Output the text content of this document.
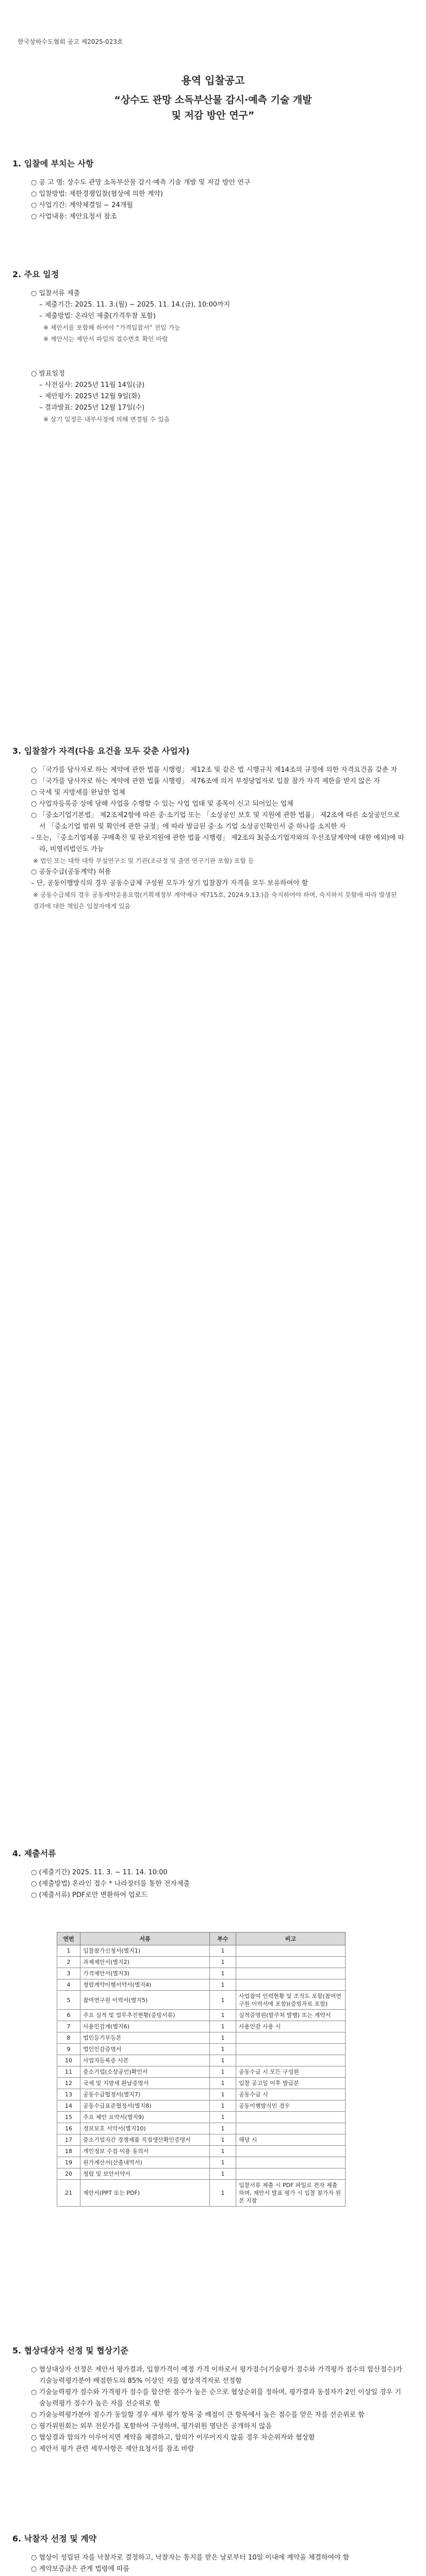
한국상하수도협회 공고 제2025-023호
용역 입찰공고
“상수도 관망 소독부산물 감시·예측 기술 개발
및 저감 방안 연구”
1. 입찰에 부치는 사항

○ 공 고 명: 상수도 관망 소독부산물 감시·예측 기술 개발 및 저감 방안 연구

○ 입찰방법: 제한경쟁입찰(협상에 의한 계약)

○ 사업기간: 계약체결일 ~ 24개월

○ 사업내용: 제안요청서 참조

2. 주요 일정

○ 입찰서류 제출

– 제출기간: 2025. 11. 3.(월) ~ 2025. 11. 14.(금), 10:00까지

– 제출방법: 온라인 제출(가격투찰 포함)

※ 제안서를 포함해 하여야 “가격입찰서” 전입 가능

※ 제안서는 제안서 파일의 접수번호 확인 바람

○ 발표일정

– 사전심사: 2025년 11월 14일(금)

– 제안평가: 2025년 12월 9일(화)

– 결과발표: 2025년 12월 17일(수)

※ 상기 일정은 내부사정에 의해 변경될 수 있음

3. 입찰참가 자격(다음 요건을 모두 갖춘 사업자)

○ 「국가를 당사자로 하는 계약에 관한 법률 시행령」 제12조 및 같은 법 시행규칙 제14조의 규정에 의한 자격요건을 갖춘 자

○ 「국가를 당사자로 하는 계약에 관한 법률 시행령」 제76조에 의거 부정당업자로 입찰 참가 자격 제한을 받지 않은 자

○ 국세 및 지방세를 완납한 업체

○ 사업자등록증 상에 당해 사업을 수행할 수 있는 사업 업태 및 종목이 신고 되어있는 업체

○ 「중소기업기본법」 제2조제2항에 따른 중·소기업 또는 「소상공인 보호 및 지원에 관한 법률」 제2조에 따른 소상공인으로서 「중소기업 범위 및 확인에 관한 규정」에 따라 발급된 중·소 기업 소상공인확인서 중 하나를 소지한 자

– 또는, 「중소기업제품 구매촉진 및 판로지원에 관한 법률 시행령」 제2조의 3(중소기업자와의 우선조달계약에 대한 예외)에 따라, 비영리법인도 가능

※ 법인 또는 대학 대학 부설연구소 및 기관(조규정 및 출연 연구기관 포함) 포함 등

○ 공동수급(공동계약) 허용

– 단, 공동이행방식의 경우 공동수급체 구성원 모두가 상기 입찰참가 자격을 모두 보유하여야 함

※ 공동수급체의 경우 공동계약운용요령(기획재정부 계약예규 제715호, 2024.9.13.)을 숙지하여야 하며, 숙지하지 못함에 따라 발생된 결과에 대한 책임은 입찰자에게 있음

4. 제출서류

○ (제출기간) 2025. 11. 3. ~ 11. 14. 10:00

○ (제출방법) 온라인 접수 * 나라장터를 통한 전자제출

○ (제출서류) PDF로만 변환하여 업로드

연번	서류	부수	비고
1	입찰참가신청서(별지1)	1	
2	과제제안서(별지2)	1	
3	가격제안서(별지3)	1	
4	청렴계약이행서약서(별지4)	1	
5	참여연구원 이력서(별지5)	1	사업참여 인력현황 및 조직도 포함(참여연구원 이력서에 포함)(증빙자료 포함)
6	주요 실적 및 업무추진현황(증빙서류)	1	실적증명원(발주처 발행) 또는 계약서
7	사용인감계(별지6)	1	사용인감 사용 시
8	법인등기부등본	1	
9	법인인감증명서	1	
10	사업자등록증 사본	1	
11	중소기업(소상공인)확인서	1	공동수급 시 모든 구성원
12	국세 및 지방세 완납증명서	1	입찰 공고일 이후 발급분
13	공동수급협정서(별지7)	1	공동수급 시
14	공동수급표준협정서(별지8)	1	공동이행방식인 경우
15	주요 제안 요약서(별지9)	1	
16	정보보호 서약서(별지10)	1	
17	중소기업자간 경쟁제품 직접생산확인증명서	1	해당 시
18	개인정보 수집·이용 동의서	1	
19	원가계산서(산출내역서)	1	
20	청렴 및 보안서약서	1	
21	제안서(PPT 또는 PDF)	1	입찰서류 제출 시 PDF 파일로 전자 제출하며, 제안서 발표 평가 시 입찰 참가자 원본 지참
5. 협상대상자 선정 및 협상기준

○ 협상대상자 선정은 제안서 평가결과, 입찰가격이 예정 가격 이하로서 평가점수(기술평가 점수와 가격평가 점수의 합산점수)가 기술능력평가분야 배점한도의 85% 이상인 자를 협상적격자로 선정함

○ 기술능력평가 점수와 가격평가 점수를 합산한 점수가 높은 순으로 협상순위를 정하며, 평가결과 동점자가 2인 이상일 경우 기술능력평가 점수가 높은 자를 선순위로 함

○ 기술능력평가분야 점수가 동일할 경우 세부 평가 항목 중 배점이 큰 항목에서 높은 점수를 얻은 자를 선순위로 함

○ 평가위원회는 외부 전문가를 포함하여 구성하며, 평가위원 명단은 공개하지 않음

○ 협상결과 합의가 이루어지면 계약을 체결하고, 합의가 이루어지지 않을 경우 차순위자와 협상함

○ 제안서 평가 관련 세부사항은 제안요청서를 참조 바람

6. 낙찰자 선정 및 계약

○ 협상이 성립된 자를 낙찰자로 결정하고, 낙찰자는 통지를 받은 날로부터 10일 이내에 계약을 체결하여야 함

○ 계약보증금은 관계 법령에 따름
